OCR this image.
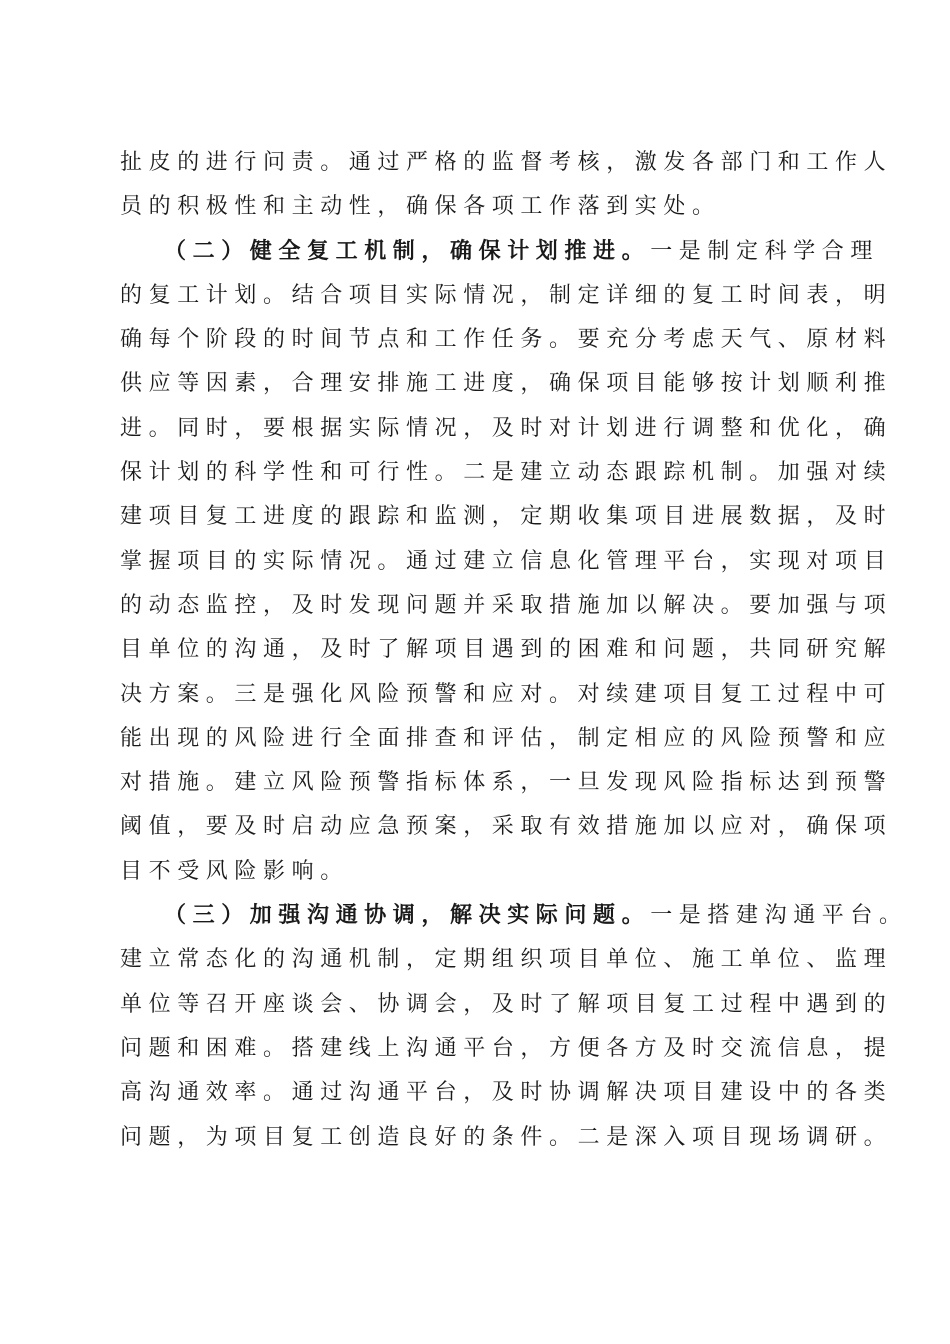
扯皮的进行问责。通过严格的监督考核，激发各部门和工作人
员的积极性和主动性，确保各项工作落到实处。
（二）健全复工机制，确保计划推进。一是制定科学合理
的复工计划。结合项目实际情况，制定详细的复工时间表，明
确每个阶段的时间节点和工作任务。要充分考虑天气、原材料
供应等因素，合理安排施工进度，确保项目能够按计划顺利推
进。同时，要根据实际情况，及时对计划进行调整和优化，确
保计划的科学性和可行性。二是建立动态跟踪机制。加强对续
建项目复工进度的跟踪和监测，定期收集项目进展数据，及时
掌握项目的实际情况。通过建立信息化管理平台，实现对项目
的动态监控，及时发现问题并采取措施加以解决。要加强与项
目单位的沟通，及时了解项目遇到的困难和问题，共同研究解
决方案。三是强化风险预警和应对。对续建项目复工过程中可
能出现的风险进行全面排查和评估，制定相应的风险预警和应
对措施。建立风险预警指标体系，一旦发现风险指标达到预警
阈值，要及时启动应急预案，采取有效措施加以应对，确保项
目不受风险影响。
（三）加强沟通协调，解决实际问题。一是搭建沟通平台。
建立常态化的沟通机制，定期组织项目单位、施工单位、监理
单位等召开座谈会、协调会，及时了解项目复工过程中遇到的
问题和困难。搭建线上沟通平台，方便各方及时交流信息，提
高沟通效率。通过沟通平台，及时协调解决项目建设中的各类
问题，为项目复工创造良好的条件。二是深入项目现场调研。
